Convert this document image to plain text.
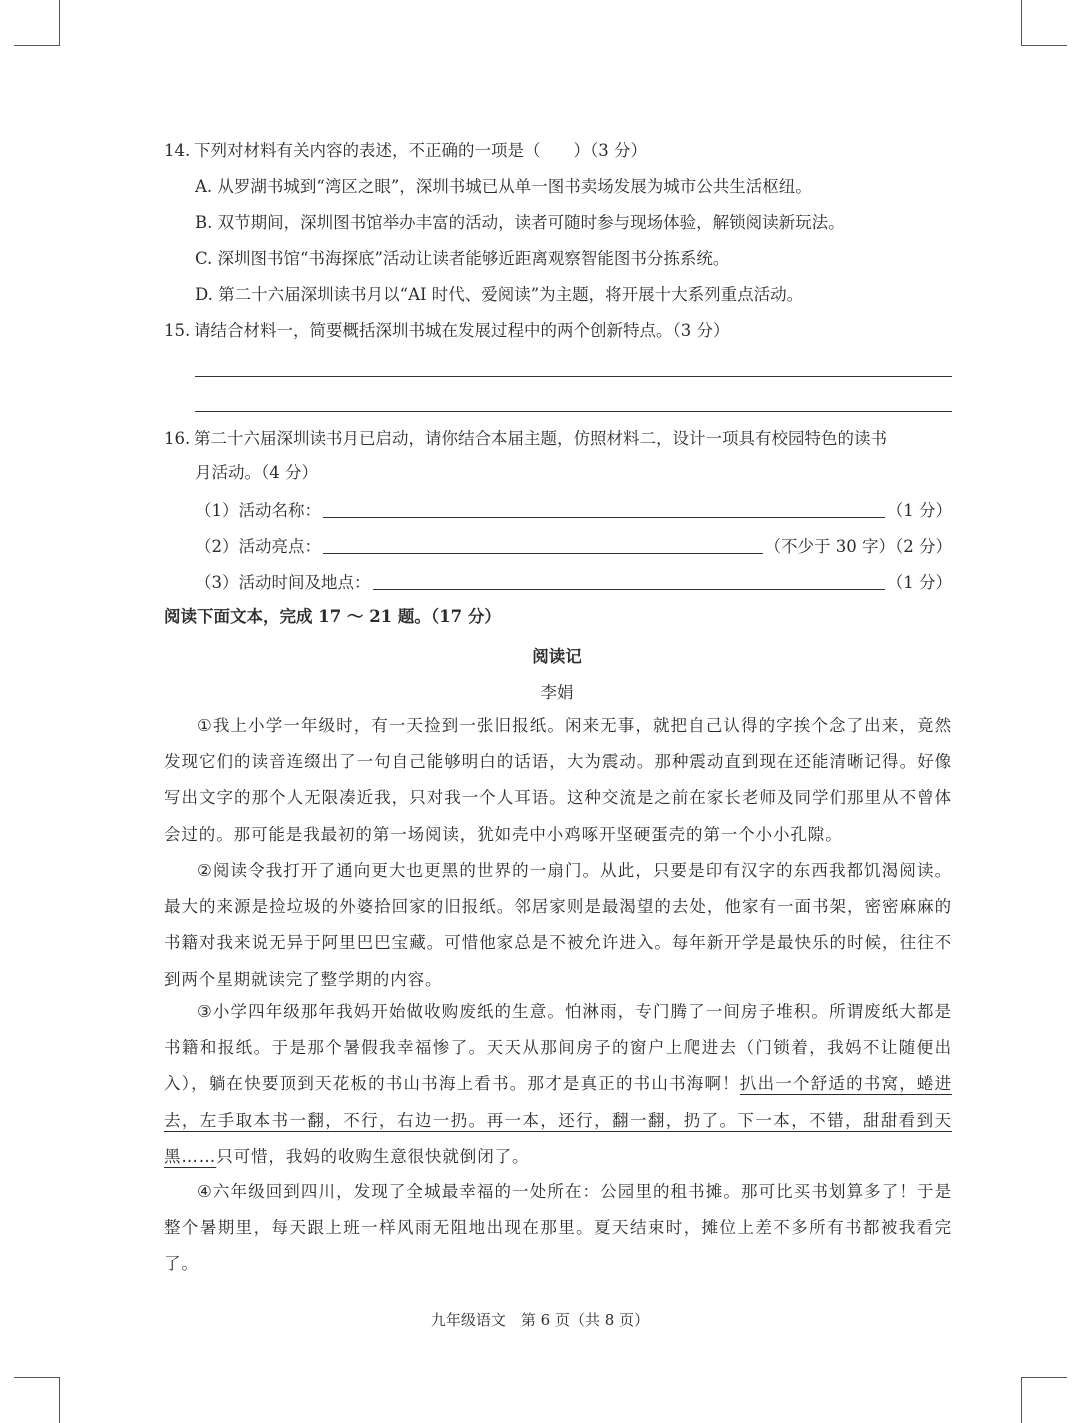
14. 下列对材料有关内容的表述，不正确的一项是（　　）（3 分）
A. 从罗湖书城到“湾区之眼”，深圳书城已从单一图书卖场发展为城市公共生活枢纽。
B. 双节期间，深圳图书馆举办丰富的活动，读者可随时参与现场体验，解锁阅读新玩法。
C. 深圳图书馆“书海探底”活动让读者能够近距离观察智能图书分拣系统。
D. 第二十六届深圳读书月以“AI 时代、爱阅读”为主题，将开展十大系列重点活动。
15. 请结合材料一，简要概括深圳书城在发展过程中的两个创新特点。（3 分）
16. 第二十六届深圳读书月已启动，请你结合本届主题，仿照材料二，设计一项具有校园特色的读书
月活动。（4 分）
（1）活动名称：	（1 分）
（2）活动亮点：	（不少于 30 字）（2 分）
（3）活动时间及地点：	（1 分）
阅读下面文本，完成 17 ～ 21 题。（17 分）
阅读记
李娟
①我上小学一年级时，有一天捡到一张旧报纸。闲来无事，就把自己认得的字挨个念了出来，竟然发现它们的读音连缀出了一句自己能够明白的话语，大为震动。那种震动直到现在还能清晰记得。好像写出文字的那个人无限凑近我，只对我一个人耳语。这种交流是之前在家长老师及同学们那里从不曾体会过的。那可能是我最初的第一场阅读，犹如壳中小鸡啄开坚硬蛋壳的第一个小小孔隙。
②阅读令我打开了通向更大也更黑的世界的一扇门。从此，只要是印有汉字的东西我都饥渴阅读。最大的来源是捡垃圾的外婆拾回家的旧报纸。邻居家则是最渴望的去处，他家有一面书架，密密麻麻的书籍对我来说无异于阿里巴巴宝藏。可惜他家总是不被允许进入。每年新开学是最快乐的时候，往往不到两个星期就读完了整学期的内容。
③小学四年级那年我妈开始做收购废纸的生意。怕淋雨，专门腾了一间房子堆积。所谓废纸大都是书籍和报纸。于是那个暑假我幸福惨了。天天从那间房子的窗户上爬进去（门锁着，我妈不让随便出入），躺在快要顶到天花板的书山书海上看书。那才是真正的书山书海啊！扒出一个舒适的书窝，蜷进去，左手取本书一翻，不行，右边一扔。再一本，还行，翻一翻，扔了。下一本，不错，甜甜看到天黑……只可惜，我妈的收购生意很快就倒闭了。
④六年级回到四川，发现了全城最幸福的一处所在：公园里的租书摊。那可比买书划算多了！于是整个暑期里，每天跟上班一样风雨无阻地出现在那里。夏天结束时，摊位上差不多所有书都被我看完了。
九年级语文　第 6 页（共 8 页）
